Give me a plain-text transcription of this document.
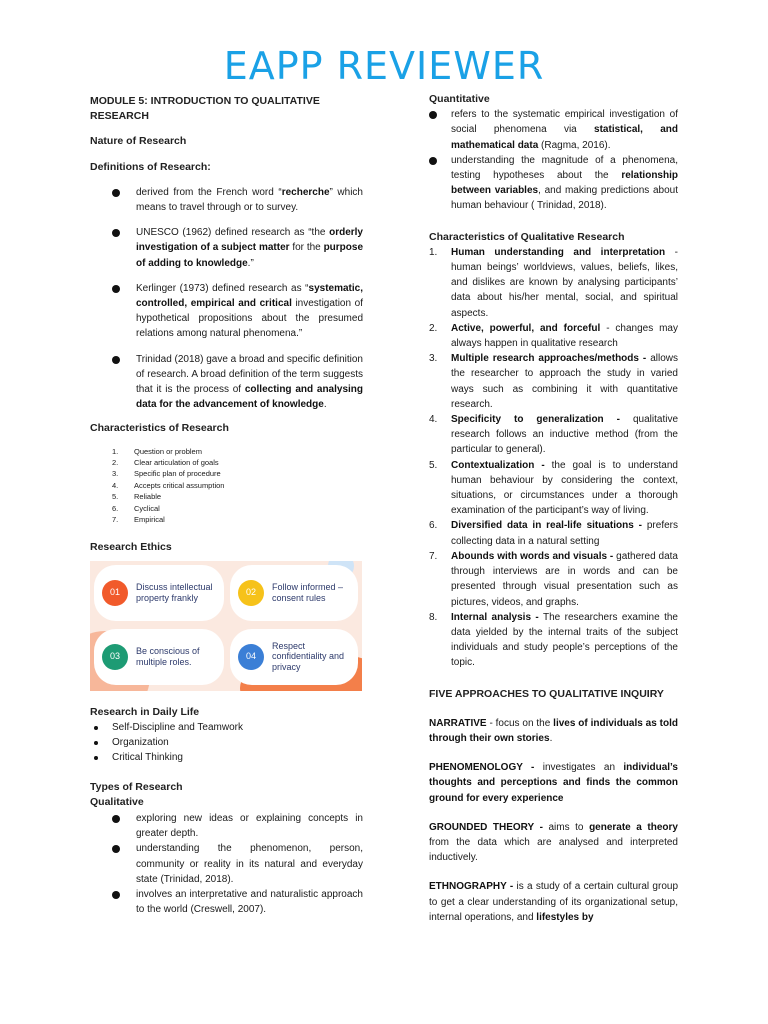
EAPP REVIEWER

MODULE 5: INTRODUCTION TO QUALITATIVE RESEARCH

Nature of Research

Definitions of Research:

derived from the French word “recherche” which means to travel through or to survey.
UNESCO (1962) defined research as “the orderly investigation of a subject matter for the purpose of adding to knowledge.”
Kerlinger (1973) defined research as “systematic, controlled, empirical and critical investigation of hypothetical propositions about the presumed relations among natural phenomena.”
Trinidad (2018) gave a broad and specific definition of research. A broad definition of the term suggests that it is the process of collecting and analysing data for the advancement of knowledge.

Characteristics of Research

1. Question or problem
2. Clear articulation of goals
3. Specific plan of procedure
4. Accepts critical assumption
5. Reliable
6. Cyclical
7. Empirical

Research Ethics

01	Discuss intellectual property frankly
02	Follow informed – consent rules
03	Be conscious of multiple roles.
04
Respect confidentiality and privacy

Research in Daily Life

Self-Discipline and Teamwork
Organization
Critical Thinking

Types of Research

Qualitative

exploring new ideas or explaining concepts in greater depth.
understanding the phenomenon, person, community or reality in its natural and everyday state (Trinidad, 2018).
involves an interpretative and naturalistic approach to the world (Creswell, 2007).

Quantitative

refers to the systematic empirical investigation of social phenomena via statistical, and mathematical data (Ragma, 2016).
understanding the magnitude of a phenomena, testing hypotheses about the relationship between variables, and making predictions about human behaviour ( Trinidad, 2018).

Characteristics of Qualitative Research

1. Human understanding and interpretation - human beings’ worldviews, values, beliefs, likes, and dislikes are known by analysing participants’ data about his/her mental, social, and spiritual aspects.
2. Active, powerful, and forceful - changes may always happen in qualitative research
3. Multiple research approaches/methods - allows the researcher to approach the study in varied ways such as combining it with quantitative research.
4. Specificity to generalization - qualitative research follows an inductive method (from the particular to general).
5. Contextualization - the goal is to understand human behaviour by considering the context, situations, or circumstances under a thorough examination of the participant’s way of living.
6. Diversified data in real-life situations - prefers collecting data in a natural setting
7. Abounds with words and visuals - gathered data through interviews are in words and can be presented through visual presentation such as pictures, videos, and graphs.
8. Internal analysis - The researchers examine the data yielded by the internal traits of the subject individuals and study people’s perceptions of the topic.

FIVE APPROACHES TO QUALITATIVE INQUIRY

NARRATIVE - focus on the lives of individuals as told through their own stories.

PHENOMENOLOGY - investigates an individual’s thoughts and perceptions and finds the common ground for every experience

GROUNDED THEORY - aims to generate a theory from the data which are analysed and interpreted inductively.

ETHNOGRAPHY - is a study of a certain cultural group to get a clear understanding of its organizational setup, internal operations, and lifestyles by
